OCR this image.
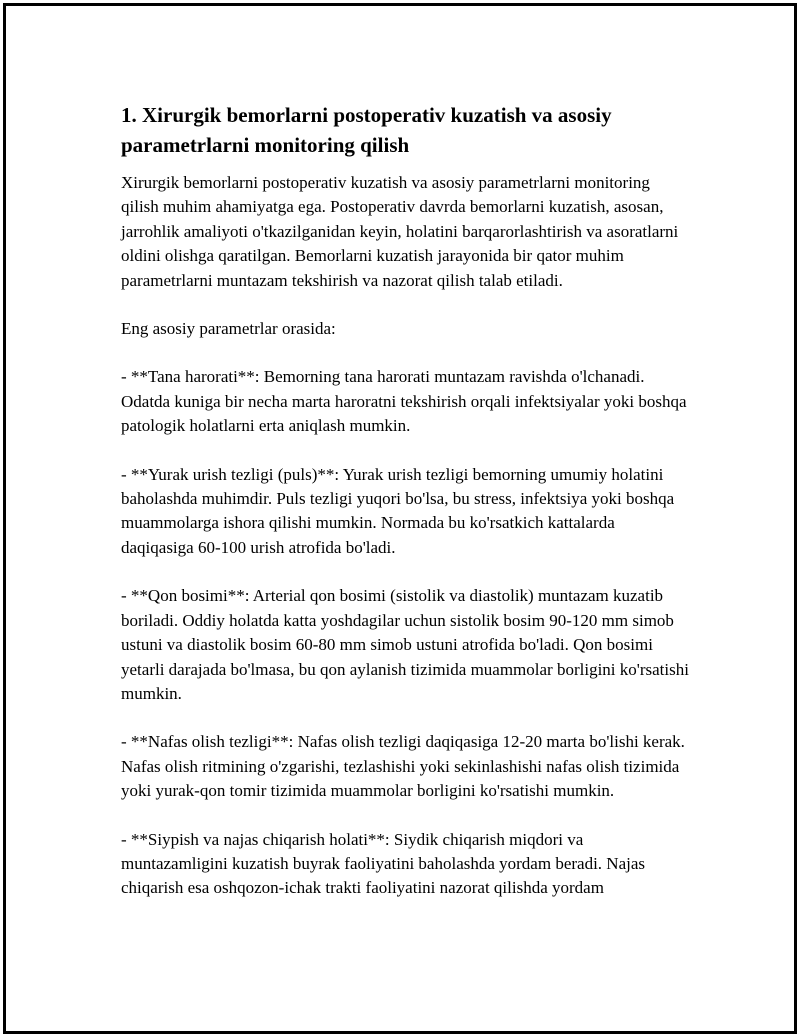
1. Xirurgik bemorlarni postoperativ kuzatish va asosiy parametrlarni monitoring qilish

Xirurgik bemorlarni postoperativ kuzatish va asosiy parametrlarni monitoring qilish muhim ahamiyatga ega. Postoperativ davrda bemorlarni kuzatish, asosan, jarrohlik amaliyoti o'tkazilganidan keyin, holatini barqarorlashtirish va asoratlarni oldini olishga qaratilgan. Bemorlarni kuzatish jarayonida bir qator muhim parametrlarni muntazam tekshirish va nazorat qilish talab etiladi.

Eng asosiy parametrlar orasida:

- **Tana harorati**: Bemorning tana harorati muntazam ravishda o'lchanadi. Odatda kuniga bir necha marta haroratni tekshirish orqali infektsiyalar yoki boshqa patologik holatlarni erta aniqlash mumkin.

- **Yurak urish tezligi (puls)**: Yurak urish tezligi bemorning umumiy holatini baholashda muhimdir. Puls tezligi yuqori bo'lsa, bu stress, infektsiya yoki boshqa muammolarga ishora qilishi mumkin. Normada bu ko'rsatkich kattalarda daqiqasiga 60-100 urish atrofida bo'ladi.

- **Qon bosimi**: Arterial qon bosimi (sistolik va diastolik) muntazam kuzatib boriladi. Oddiy holatda katta yoshdagilar uchun sistolik bosim 90-120 mm simob ustuni va diastolik bosim 60-80 mm simob ustuni atrofida bo'ladi. Qon bosimi yetarli darajada bo'lmasa, bu qon aylanish tizimida muammolar borligini ko'rsatishi mumkin.

- **Nafas olish tezligi**: Nafas olish tezligi daqiqasiga 12-20 marta bo'lishi kerak. Nafas olish ritmining o'zgarishi, tezlashishi yoki sekinlashishi nafas olish tizimida yoki yurak-qon tomir tizimida muammolar borligini ko'rsatishi mumkin.

- **Siypish va najas chiqarish holati**: Siydik chiqarish miqdori va muntazamligini kuzatish buyrak faoliyatini baholashda yordam beradi. Najas chiqarish esa oshqozon-ichak trakti faoliyatini nazorat qilishda yordam
